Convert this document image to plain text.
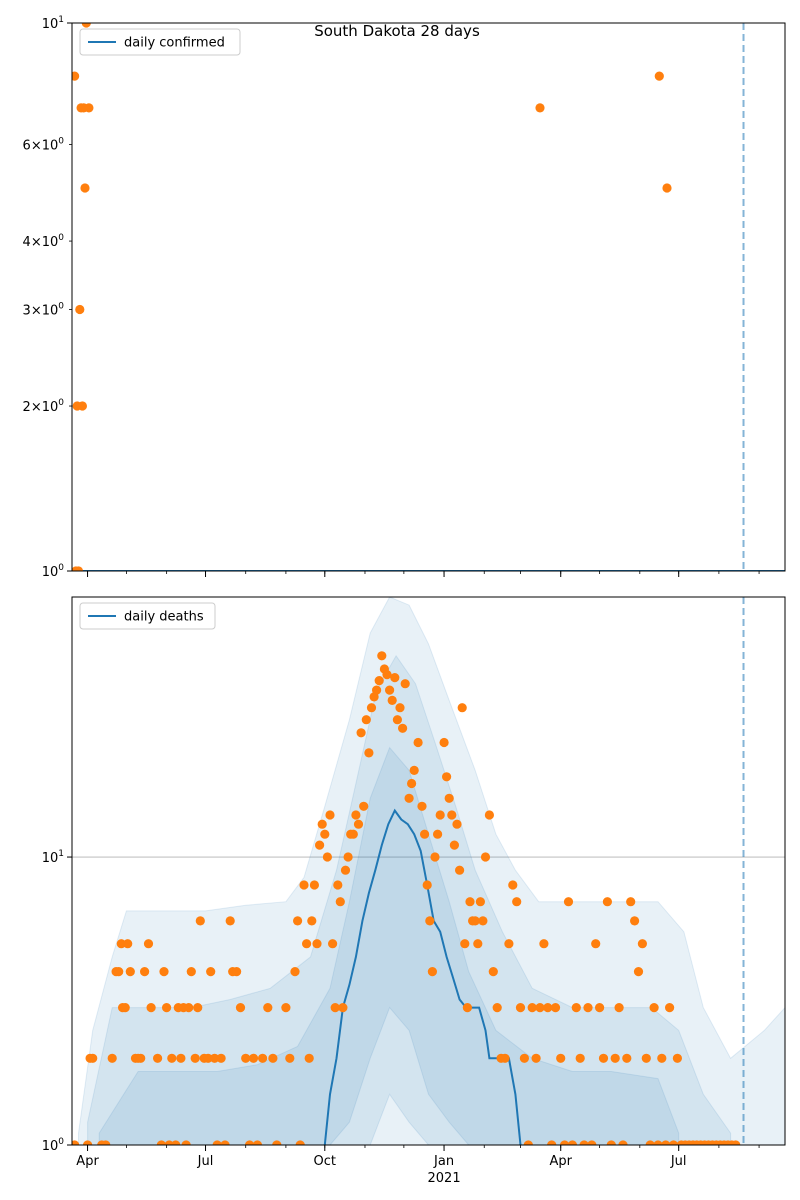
South Dakota 28 days
$10^0$
$10^1$
$2\times 10^0$
$3\times 10^0$
$4\times 10^0$
$6\times 10^0$
daily confirmed
$10^0$
$10^1$
Apr	Jul	Oct	Jan
2021
Apr	Jul
daily deaths
